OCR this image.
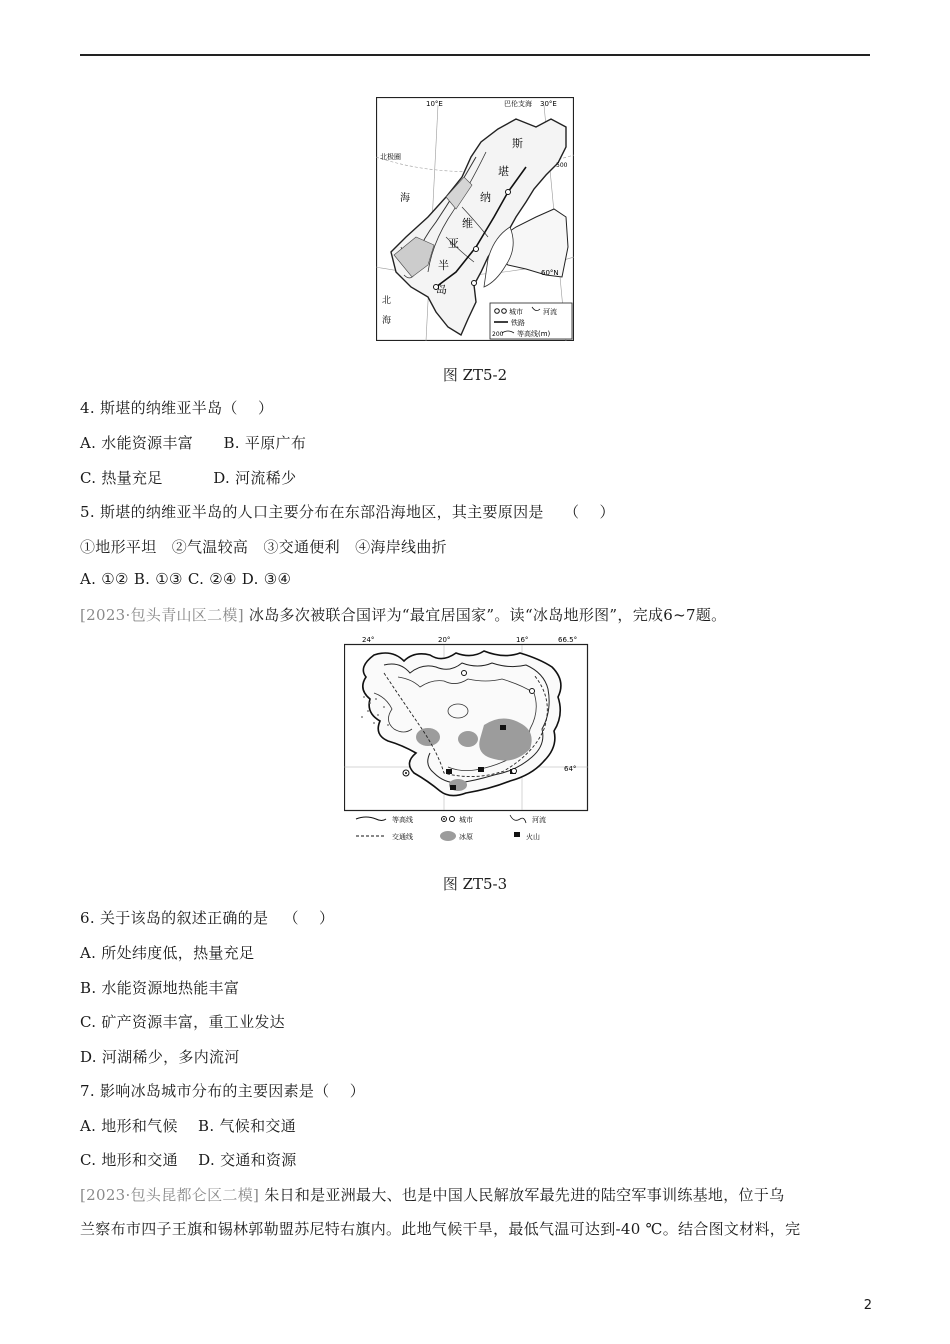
10°E	巴伦支海 30°E
北极圈
海
斯
堪
纳
维
亚
半
岛
60°N
北
海
500
城市	河流
铁路
200 等高线(m)
图 ZT5-2
4. 斯堪的纳维亚半岛（    ）
A. 水能资源丰富      B. 平原广布
C. 热量充足          D. 河流稀少
5. 斯堪的纳维亚半岛的人口主要分布在东部沿海地区，其主要原因是    （    ）
①地形平坦   ②气温较高   ③交通便利   ④海岸线曲折
A. ①② B. ①③ C. ②④ D. ③④
[2023·包头青山区二模] 冰岛多次被联合国评为“最宜居国家”。读“冰岛地形图”，完成6~7题。
24°	20°	16°	66.5°
64°
等高线	城市	河流
交通线	冰原	火山
图 ZT5-3
6. 关于该岛的叙述正确的是   （    ）
A. 所处纬度低，热量充足
B. 水能资源地热能丰富
C. 矿产资源丰富，重工业发达
D. 河湖稀少，多内流河
7. 影响冰岛城市分布的主要因素是（    ）
A. 地形和气候    B. 气候和交通
C. 地形和交通    D. 交通和资源
[2023·包头昆都仑区二模] 朱日和是亚洲最大、也是中国人民解放军最先进的陆空军事训练基地，位于乌
兰察布市四子王旗和锡林郭勒盟苏尼特右旗内。此地气候干旱，最低气温可达到-40 ℃。结合图文材料，完
2
